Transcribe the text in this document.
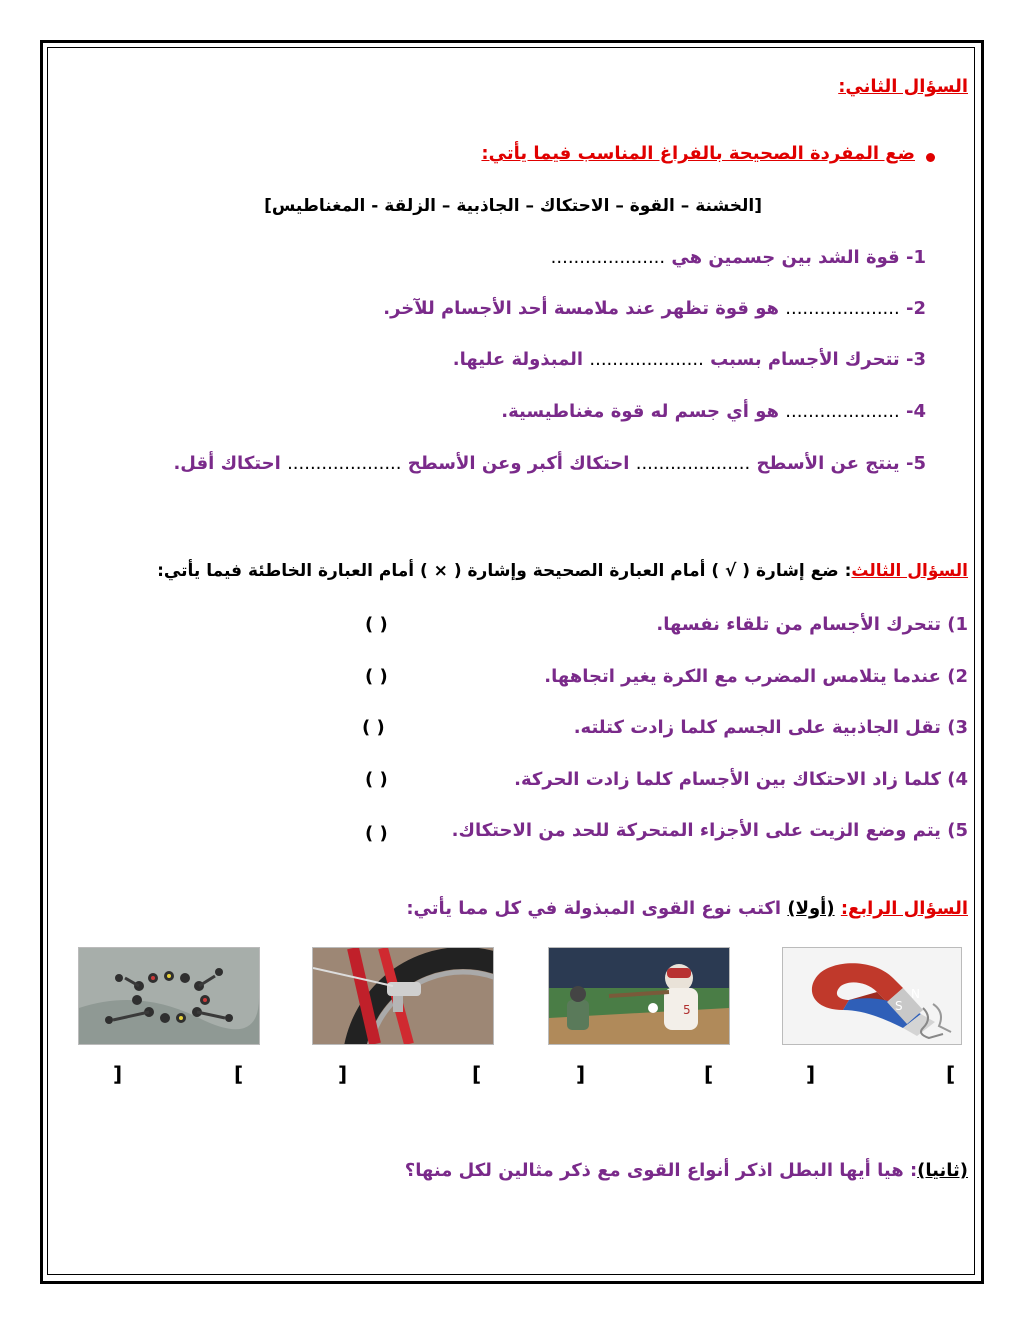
السؤال الثاني:
ضع المفردة الصحيحة بالفراغ المناسب فيما يأتي:
[الخشنة – القوة – الاحتكاك – الجاذبية – الزلقة - المغناطيس]
1- قوة الشد بين جسمين هي ....................
2- .................... هو قوة تظهر عند ملامسة أحد الأجسام للآخر.
3- تتحرك الأجسام بسبب .................... المبذولة عليها.
4- .................... هو أي جسم له قوة مغناطيسية.
5- ينتج عن الأسطح .................... احتكاك أكبر وعن الأسطح .................... احتكاك أقل.
السؤال الثالث: ضع إشارة ( √ ) أمام العبارة الصحيحة وإشارة ( × ) أمام العبارة الخاطئة فيما يأتي:
1) تتحرك الأجسام من تلقاء نفسها.
( )
2) عندما يتلامس المضرب مع الكرة يغير اتجاهها.
( )
3) تقل الجاذبية على الجسم كلما زادت كتلته.
( )
4) كلما زاد الاحتكاك بين الأجسام كلما زادت الحركة.
( )
5) يتم وضع الزيت على الأجزاء المتحركة للحد من الاحتكاك.
( )
السؤال الرابع: (أولا) اكتب نوع القوى المبذولة في كل مما يأتي:
S
N
5
[
]
[
]
[
]
[
]
(ثانيا): هيا أيها البطل اذكر أنواع القوى مع ذكر مثالين لكل منها؟
